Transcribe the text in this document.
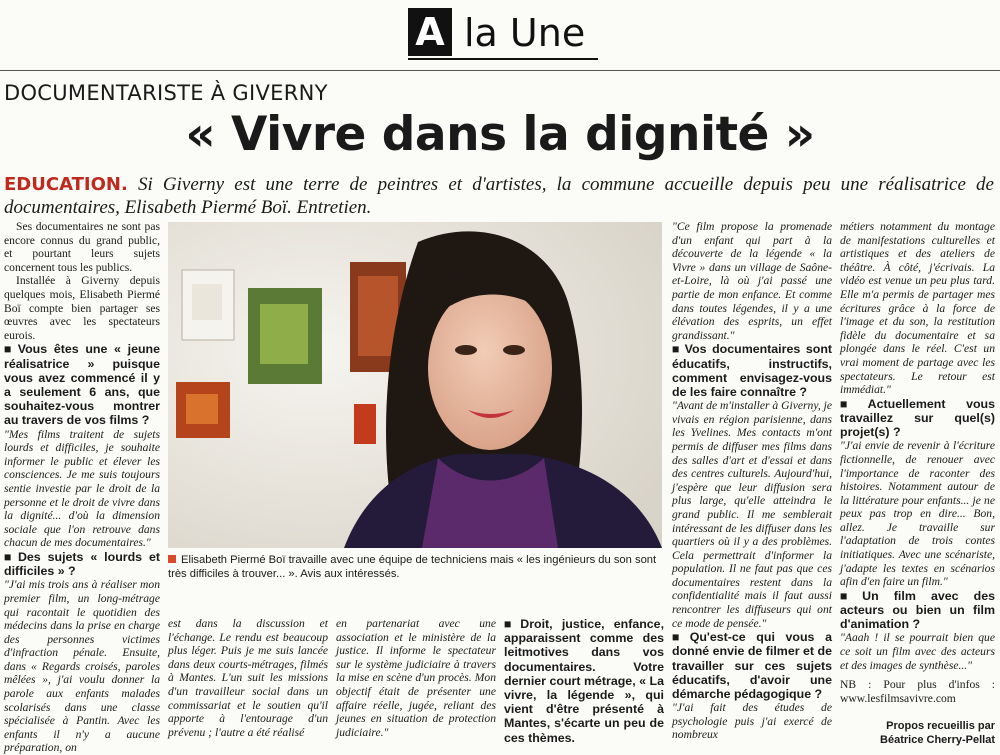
A la Une
DOCUMENTARISTE À GIVERNY
« Vivre dans la dignité »
EDUCATION. Si Giverny est une terre de peintres et d'artistes, la commune accueille depuis peu une réalisatrice de documentaires, Elisabeth Piermé Boï. Entretien.

Ses documentaires ne sont pas encore connus du grand public, et pourtant leurs sujets concernent tous les publics.

Installée à Giverny depuis quelques mois, Elisabeth Piermé Boï compte bien partager ses œuvres avec les spectateurs eurois.

■ Vous êtes une « jeune réalisatrice » puisque vous avez commencé il y a seulement 6 ans, que souhaitez-vous montrer au travers de vos films ?

"Mes films traitent de sujets lourds et difficiles, je souhaite informer le public et élever les consciences. Je me suis toujours sentie investie par le droit de la personne et le droit de vivre dans la dignité... d'où la dimension sociale que l'on retrouve dans chacun de mes documentaires."

■ Des sujets « lourds et difficiles » ?

"J'ai mis trois ans à réaliser mon premier film, un long-métrage qui racontait le quotidien des médecins dans la prise en charge des personnes victimes d'infraction pénale. Ensuite, dans « Regards croisés, paroles mêlées », j'ai voulu donner la parole aux enfants malades scolarisés dans une classe spécialisée à Pantin. Avec les enfants il n'y a aucune préparation, on

Elisabeth Piermé Boï travaille avec une équipe de techniciens mais « les ingénieurs du son sont très difficiles à trouver... ». Avis aux intéressés.
est dans la discussion et l'échange. Le rendu est beaucoup plus léger. Puis je me suis lancée dans deux courts-métrages, filmés à Mantes. L'un suit les missions d'un travailleur social dans un commissariat et le soutien qu'il apporte à l'entourage d'un prévenu ; l'autre a été réalisé
en partenariat avec une association et le ministère de la justice. Il informe le spectateur sur le système judiciaire à travers la mise en scène d'un procès. Mon objectif était de présenter une affaire réelle, jugée, reliant des jeunes en situation de protection judiciaire."

■ Droit, justice, enfance, apparaissent comme des leitmotives dans vos documentaires. Votre dernier court métrage, « La vivre, la légende », qui vient d'être présenté à Mantes, s'écarte un peu de ces thèmes.

"Ce film propose la promenade d'un enfant qui part à la découverte de la légende « la Vivre » dans un village de Saône-et-Loire, là où j'ai passé une partie de mon enfance. Et comme dans toutes légendes, il y a une élévation des esprits, un effet grandissant."

■ Vos documentaires sont éducatifs, instructifs, comment envisagez-vous de les faire connaître ?

"Avant de m'installer à Giverny, je vivais en région parisienne, dans les Yvelines. Mes contacts m'ont permis de diffuser mes films dans des salles d'art et d'essai et dans des centres culturels. Aujourd'hui, j'espère que leur diffusion sera plus large, qu'elle atteindra le grand public. Il me semblerait intéressant de les diffuser dans les quartiers où il y a des problèmes. Cela permettrait d'informer la population. Il ne faut pas que ces documentaires restent dans la confidentialité mais il faut aussi rencontrer les diffuseurs qui ont ce mode de pensée."

■ Qu'est-ce qui vous a donné envie de filmer et de travailler sur ces sujets éducatifs, d'avoir une démarche pédagogique ?

"J'ai fait des études de psychologie puis j'ai exercé de nombreux

métiers notamment du montage de manifestations culturelles et artistiques et des ateliers de théâtre. À côté, j'écrivais. La vidéo est venue un peu plus tard. Elle m'a permis de partager mes écritures grâce à la force de l'image et du son, la restitution fidèle du documentaire et sa plongée dans le réel. C'est un vrai moment de partage avec les spectateurs. Le retour est immédiat."

■ Actuellement vous travaillez sur quel(s) projet(s) ?

"J'ai envie de revenir à l'écriture fictionnelle, de renouer avec l'importance de raconter des histoires. Notamment autour de la littérature pour enfants... je ne peux pas trop en dire... Bon, allez. Je travaille sur l'adaptation de trois contes initiatiques. Avec une scénariste, j'adapte les textes en scénarios afin d'en faire un film."

■ Un film avec des acteurs ou bien un film d'animation ?

"Aaah ! il se pourrait bien que ce soit un film avec des acteurs et des images de synthèse..."

NB : Pour plus d'infos : www.lesfilmsavivre.com

Propos recueillis par Béatrice Cherry-Pellat
